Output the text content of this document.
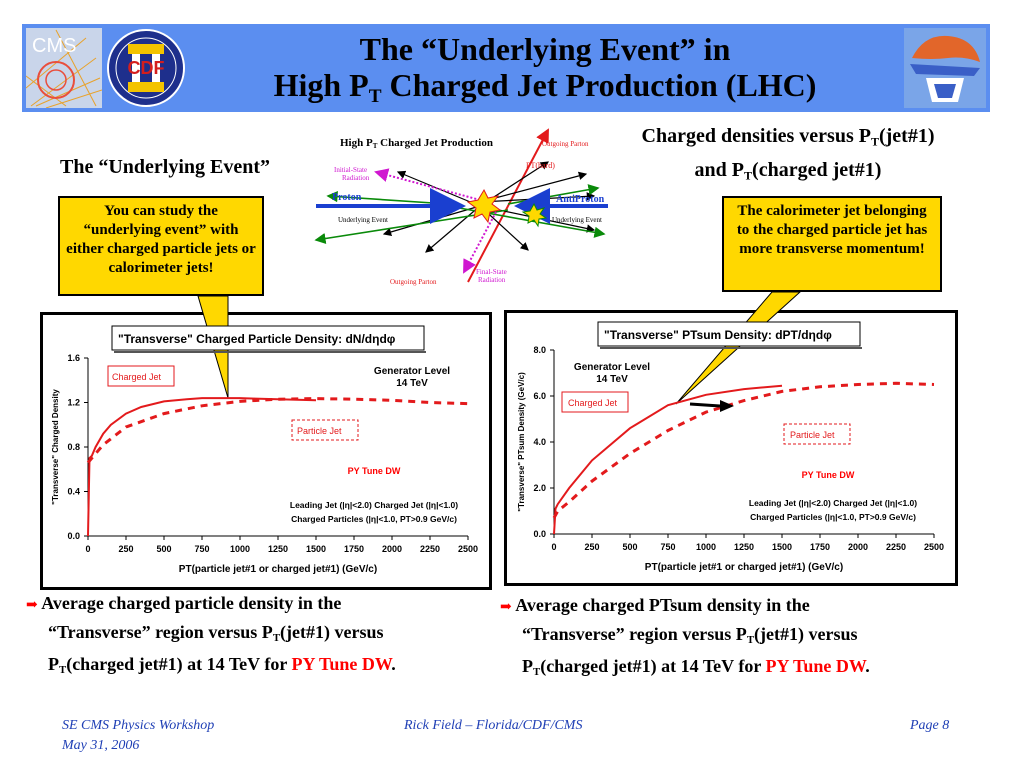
CMS
CDF
The “Underlying Event” in
High $P_T$ Charged Jet Production (LHC)
The “Underlying Event”
Charged densities versus $P_T(jet\#1)$
and $P_T(charged$ jet#1)
High PT Charged Jet Production	Outgoing Parton
PT(hard)
Initial-State
Radiation
Proton	AntiProton
Underlying Event	Underlying Event
Final-State
Radiation
Outgoing Parton
You can study the “underlying event” with either charged particle jets or calorimeter jets!
The calorimeter jet belonging to the charged particle jet has more transverse momentum!
"Transverse" Charged Particle Density: dN/dηdφ
0	250	500	750 1000 1250 1500 1750 2000 2250 2500
0.0
0.4
0.8
1.2
1.6
PT(particle jet#1 or charged jet#1) (GeV/c)
"Transverse" Charged Density
Charged Jet
Particle Jet
Generator Level
14 TeV
PY Tune DW
Leading Jet (|η|<2.0) Charged Jet (|η|<1.0)
Charged Particles (|η|<1.0, PT>0.9 GeV/c)
"Transverse" PTsum Density: dPT/dηdφ
0	250	500	750 1000 1250 1500 1750 2000 2250 2500
0.0
2.0
4.0
6.0
8.0
PT(particle jet#1 or charged jet#1) (GeV/c)
"Transverse" PTsum Density (GeV/c)	Charged Jet
Particle Jet
Generator Level
14 TeV
PY Tune DW
Leading Jet (|η|<2.0) Charged Jet (|η|<1.0)
Charged Particles (|η|<1.0, PT>0.9 GeV/c)
➡ Average charged particle density in the
“Transverse” region versus $P_T(jet\#1)$ versus
$P_T(charged$ jet#1) at 14 TeV for PY Tune DW.
➡ Average charged PTsum density in the
“Transverse” region versus $P_T(jet\#1)$ versus
$P_T(charged$ jet#1) at 14 TeV for PY Tune DW.
SE CMS Physics Workshop
May 31, 2006
Rick Field – Florida/CDF/CMS	Page 8
